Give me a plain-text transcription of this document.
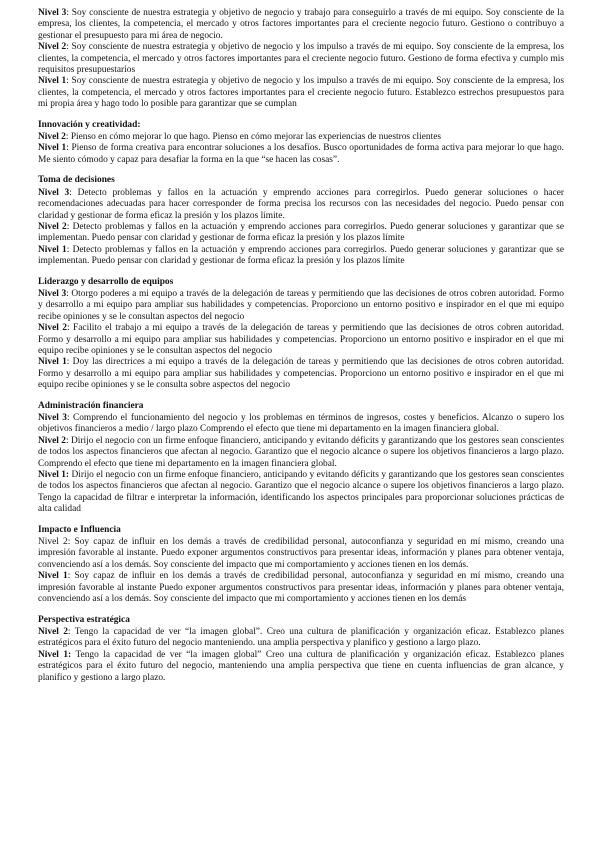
Nivel 3: Soy consciente de nuestra estrategia y objetivo de negocio y trabajo para conseguirlo a través de mi equipo. Soy consciente de la empresa, los clientes, la competencia, el mercado y otros factores importantes para el creciente negocio futuro. Gestiono o contribuyo a gestionar el presupuesto para mi área de negocio.

Nivel 2: Soy consciente de nuestra estrategia y objetivo de negocio y los impulso a través de mi equipo. Soy consciente de la empresa, los clientes, la competencia, el mercado y otros factores importantes para el creciente negocio futuro. Gestiono de forma efectiva y cumplo mis requisitos presupuestarios

Nivel 1: Soy consciente de nuestra estrategia y objetivo de negocio y los impulso a través de mi equipo. Soy consciente de la empresa, los clientes, la competencia, el mercado y otros factores importantes para el creciente negocio futuro. Establezco estrechos presupuestos para mi propia área y hago todo lo posible para garantizar que se cumplan

Innovación y creatividad:

Nivel 2: Pienso en cómo mejorar lo que hago. Pienso en cómo mejorar las experiencias de nuestros clientes

Nivel 1: Pienso de forma creativa para encontrar soluciones a los desafíos. Busco oportunidades de forma activa para mejorar lo que hago. Me siento cómodo y capaz para desafiar la forma en la que “se hacen las cosas”.

Toma de decisiones

Nivel 3: Detecto problemas y fallos en la actuación y emprendo acciones para corregirlos. Puedo generar soluciones o hacer recomendaciones adecuadas para hacer corresponder de forma precisa los recursos con las necesidades del negocio. Puedo pensar con claridad y gestionar de forma eficaz la presión y los plazos límite.

Nivel 2: Detecto problemas y fallos en la actuación y emprendo acciones para corregirlos. Puedo generar soluciones y garantizar que se implementan. Puedo pensar con claridad y gestionar de forma eficaz la presión y los plazos límite

Nivel 1: Detecto problemas y fallos en la actuación y emprendo acciones para corregirlos. Puedo generar soluciones y garantizar que se implementan. Puedo pensar con claridad y gestionar de forma eficaz la presión y los plazos límite

Liderazgo y desarrollo de equipos

Nivel 3: Otorgo poderes a mi equipo a través de la delegación de tareas y permitiendo que las decisiones de otros cobren autoridad. Formo y desarrollo a mi equipo para ampliar sus habilidades y competencias. Proporciono un entorno positivo e inspirador en el que mi equipo recibe opiniones y se le consultan aspectos del negocio

Nivel 2: Facilito el trabajo a mi equipo a través de la delegación de tareas y permitiendo que las decisiones de otros cobren autoridad. Formo y desarrollo a mi equipo para ampliar sus habilidades y competencias. Proporciono un entorno positivo e inspirador en el que mi equipo recibe opiniones y se le consultan aspectos del negocio

Nivel 1: Doy las directrices a mi equipo a través de la delegación de tareas y permitiendo que las decisiones de otros cobren autoridad. Formo y desarrollo a mi equipo para ampliar sus habilidades y competencias. Proporciono un entorno positivo e inspirador en el que mi equipo recibe opiniones y se le consulta sobre aspectos del negocio

Administración financiera

Nivel 3: Comprendo el funcionamiento del negocio y los problemas en términos de ingresos, costes y beneficios. Alcanzo o supero los objetivos financieros a medio / largo plazo Comprendo el efecto que tiene mi departamento en la imagen financiera global.

Nivel 2: Dirijo el negocio con un firme enfoque financiero, anticipando y evitando déficits y garantizando que los gestores sean conscientes de todos los aspectos financieros que afectan al negocio. Garantizo que el negocio alcance o supere los objetivos financieros a largo plazo. Comprendo el efecto que tiene mi departamento en la imagen financiera global.

Nivel 1: Dirijo el negocio con un firme enfoque financiero, anticipando y evitando déficits y garantizando que los gestores sean conscientes de todos los aspectos financieros que afectan al negocio. Garantizo que el negocio alcance o supere los objetivos financieros a largo plazo. Tengo la capacidad de filtrar e interpretar la información, identificando los aspectos principales para proporcionar soluciones prácticas de alta calidad

Impacto e Influencia

Nivel 2: Soy capaz de influir en los demás a través de credibilidad personal, autoconfianza y seguridad en mí mismo, creando una impresión favorable al instante. Puedo exponer argumentos constructivos para presentar ideas, información y planes para obtener ventaja, convenciendo así a los demás. Soy consciente del impacto que mi comportamiento y acciones tienen en los demás.

Nivel 1: Soy capaz de influir en los demás a través de credibilidad personal, autoconfianza y seguridad en mí mismo, creando una impresión favorable al instante Puedo exponer argumentos constructivos para presentar ideas, información y planes para obtener ventaja, convenciendo así a los demás. Soy consciente del impacto que mi comportamiento y acciones tienen en los demás

Perspectiva estratégica

Nivel 2: Tengo la capacidad de ver “la imagen global”. Creo una cultura de planificación y organización eficaz. Establezco planes estratégicos para el éxito futuro del negocio manteniendo. una amplia perspectiva y planifico y gestiono a largo plazo.

Nivel 1: Tengo la capacidad de ver “la imagen global” Creo una cultura de planificación y organización eficaz. Establezco planes estratégicos para el éxito futuro del negocio, manteniendo una amplia perspectiva que tiene en cuenta influencias de gran alcance, y planifico y gestiono a largo plazo.
